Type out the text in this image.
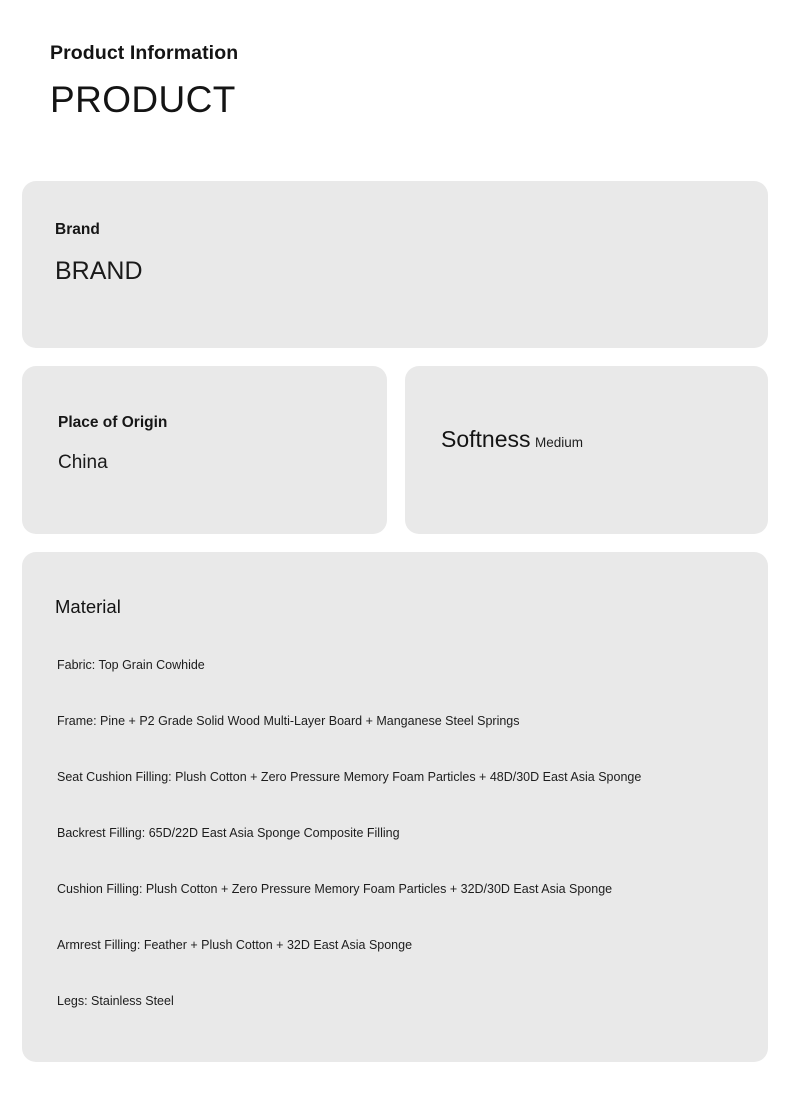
Product Information
PRODUCT
Brand
BRAND
Place of Origin
China
Softness Medium
Material
Fabric: Top Grain Cowhide
Frame: Pine + P2 Grade Solid Wood Multi-Layer Board + Manganese Steel Springs
Seat Cushion Filling: Plush Cotton + Zero Pressure Memory Foam Particles + 48D/30D East Asia Sponge
Backrest Filling: 65D/22D East Asia Sponge Composite Filling
Cushion Filling: Plush Cotton + Zero Pressure Memory Foam Particles + 32D/30D East Asia Sponge
Armrest Filling: Feather + Plush Cotton + 32D East Asia Sponge
Legs: Stainless Steel
